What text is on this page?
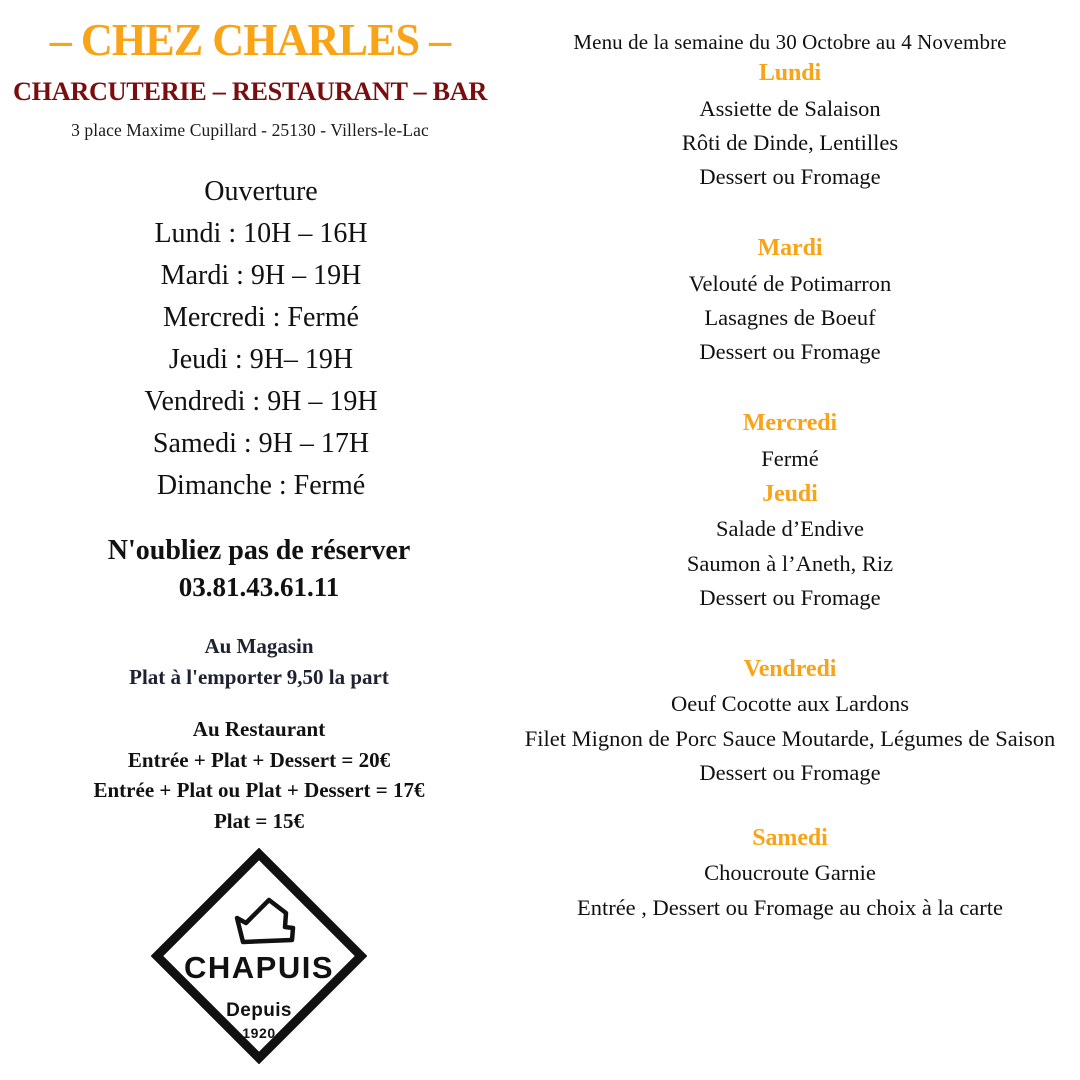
– CHEZ CHARLES –
CHARCUTERIE – RESTAURANT – BAR
3 place Maxime Cupillard - 25130 - Villers-le-Lac
Ouverture
Lundi : 10H – 16H
Mardi : 9H – 19H
Mercredi : Fermé
Jeudi : 9H– 19H
Vendredi : 9H – 19H
Samedi : 9H – 17H
Dimanche : Fermé
N'oubliez pas de réserver
03.81.43.61.11
Au Magasin
Plat à l'emporter 9,50 la part
Au Restaurant
Entrée + Plat + Dessert = 20€
Entrée + Plat ou Plat + Dessert = 17€
Plat = 15€
CHAPUIS
Depuis
1920
Menu de la semaine du 30 Octobre au 4 Novembre
Lundi
Assiette de Salaison
Rôti de Dinde, Lentilles
Dessert ou Fromage
Mardi
Velouté de Potimarron
Lasagnes de Boeuf
Dessert ou Fromage
Mercredi
Fermé
Jeudi
Salade d’Endive
Saumon à l’Aneth, Riz
Dessert ou Fromage
Vendredi
Oeuf Cocotte aux Lardons
Filet Mignon de Porc Sauce Moutarde, Légumes de Saison
Dessert ou Fromage
Samedi
Choucroute Garnie
Entrée , Dessert ou Fromage au choix à la carte
